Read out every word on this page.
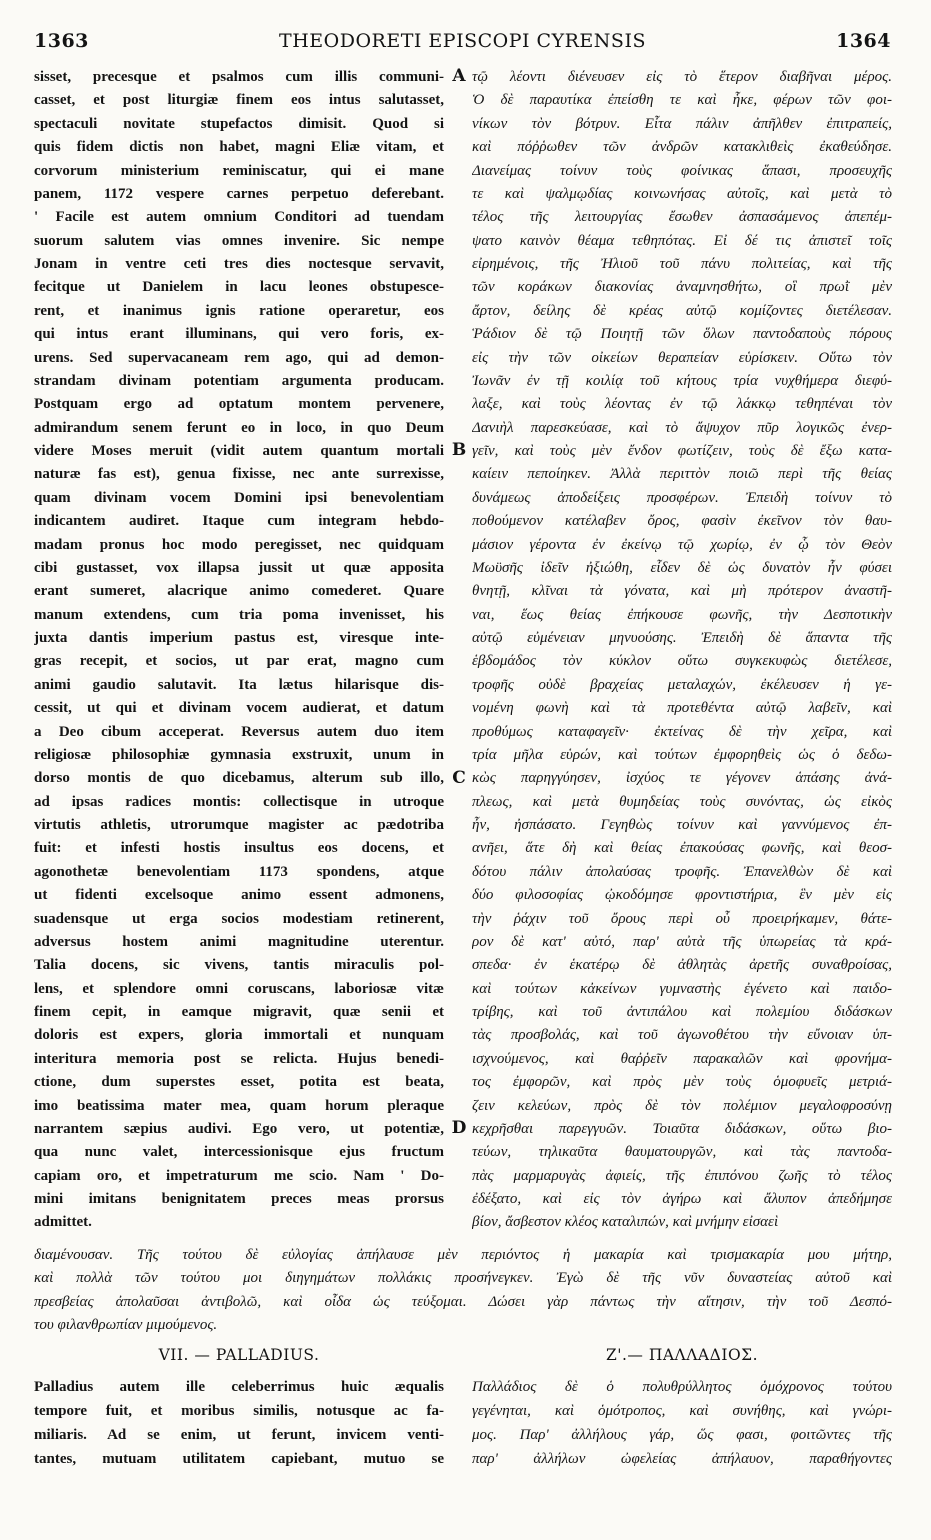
1363	THEODORETI EPISCOPI CYRENSIS	1364
sisset, precesque et psalmos cum illis communi-
casset, et post liturgiæ finem eos intus salutasset,
spectaculi novitate stupefactos dimisit. Quod si
quis fidem dictis non habet, magni Eliæ vitam, et
corvorum ministerium reminiscatur, qui ei mane
panem, 1172 vespere carnes perpetuo deferebant.
' Facile est autem omnium Conditori ad tuendam
suorum salutem vias omnes invenire. Sic nempe
Jonam in ventre ceti tres dies noctesque servavit,
fecitque ut Danielem in lacu leones obstupesce-
rent, et inanimus ignis ratione operaretur, eos
qui intus erant illuminans, qui vero foris, ex-
urens. Sed supervacaneam rem ago, qui ad demon-
strandam divinam potentiam argumenta producam.
Postquam ergo ad optatum montem pervenere,
admirandum senem ferunt eo in loco, in quo Deum
videre Moses meruit (vidit autem quantum mortali
naturæ fas est), genua fixisse, nec ante surrexisse,
quam divinam vocem Domini ipsi benevolentiam
indicantem audiret. Itaque cum integram hebdo-
madam pronus hoc modo peregisset, nec quidquam
cibi gustasset, vox illapsa jussit ut quæ apposita
erant sumeret, alacrique animo comederet. Quare
manum extendens, cum tria poma invenisset, his
juxta dantis imperium pastus est, viresque inte-
gras recepit, et socios, ut par erat, magno cum
animi gaudio salutavit. Ita lætus hilarisque dis-
cessit, ut qui et divinam vocem audierat, et datum
a Deo cibum acceperat. Reversus autem duo item
religiosæ philosophiæ gymnasia exstruxit, unum in
dorso montis de quo dicebamus, alterum sub illo,
ad ipsas radices montis: collectisque in utroque
virtutis athletis, utrorumque magister ac pædotriba
fuit: et infesti hostis insultus eos docens, et
agonothetæ benevolentiam 1173 spondens, atque
ut fidenti excelsoque animo essent admonens,
suadensque ut erga socios modestiam retinerent,
adversus hostem animi magnitudine uterentur.
Talia docens, sic vivens, tantis miraculis pol-
lens, et splendore omni coruscans, laboriosæ vitæ
finem cepit, in eamque migravit, quæ senii et
doloris est expers, gloria immortali et nunquam
interitura memoria post se relicta. Hujus benedi-
ctione, dum superstes esset, potita est beata,
imo beatissima mater mea, quam horum pleraque
narrantem sæpius audivi. Ego vero, ut potentiæ,
qua nunc valet, intercessionisque ejus fructum
capiam oro, et impetraturum me scio. Nam ' Do-
mini imitans benignitatem preces meas prorsus
admittet.
τῷ λέοντι διένευσεν εἰς τὸ ἕτερον διαβῆναι μέρος.
Ὁ δὲ παραυτίκα ἐπείσθη τε καὶ ἧκε, φέρων τῶν φοι-
νίκων τὸν βότρυν. Εἶτα πάλιν ἀπῆλθεν ἐπιτραπείς,
καὶ πόῤῥωθεν τῶν ἀνδρῶν κατακλιθεὶς ἐκαθεύδησε.
Διανείμας τοίνυν τοὺς φοίνικας ἅπασι, προσευχῆς
τε καὶ ψαλμῳδίας κοινωνήσας αὐτοῖς, καὶ μετὰ τὸ
τέλος τῆς λειτουργίας ἔσωθεν ἀσπασάμενος ἀπεπέμ-
ψατο καινὸν θέαμα τεθηπότας. Εἰ δέ τις ἀπιστεῖ τοῖς
εἰρημένοις, τῆς Ἠλιοῦ τοῦ πάνυ πολιτείας, καὶ τῆς
τῶν κοράκων διακονίας ἀναμνησθήτω, οἳ πρωῒ μὲν
ἄρτον, δείλης δὲ κρέας αὐτῷ κομίζοντες διετέλεσαν.
Ῥάδιον δὲ τῷ Ποιητῇ τῶν ὅλων παντοδαποὺς πόρους
εἰς τὴν τῶν οἰκείων θεραπείαν εὑρίσκειν. Οὕτω τὸν
Ἰωνᾶν ἐν τῇ κοιλίᾳ τοῦ κήτους τρία νυχθήμερα διεφύ-
λαξε, καὶ τοὺς λέοντας ἐν τῷ λάκκῳ τεθηπέναι τὸν
Δανιὴλ παρεσκεύασε, καὶ τὸ ἄψυχον πῦρ λογικῶς ἐνερ-
γεῖν, καὶ τοὺς μὲν ἔνδον φωτίζειν, τοὺς δὲ ἔξω κατα-
καίειν πεποίηκεν. Ἀλλὰ περιττὸν ποιῶ περὶ τῆς θείας
δυνάμεως ἀποδείξεις προσφέρων. Ἐπειδὴ τοίνυν τὸ
ποθούμενον κατέλαβεν ὄρος, φασὶν ἐκεῖνον τὸν θαυ-
μάσιον γέροντα ἐν ἐκείνῳ τῷ χωρίῳ, ἐν ᾧ τὸν Θεὸν
Μωϋσῆς ἰδεῖν ἠξιώθη, εἶδεν δὲ ὡς δυνατὸν ἦν φύσει
θνητῇ, κλῖναι τὰ γόνατα, καὶ μὴ πρότερον ἀναστῆ-
ναι, ἕως θείας ἐπήκουσε φωνῆς, τὴν Δεσποτικὴν
αὐτῷ εὐμένειαν μηνυούσης. Ἐπειδὴ δὲ ἅπαντα τῆς
ἑβδομάδος τὸν κύκλον οὕτω συγκεκυφὼς διετέλεσε,
τροφῆς οὐδὲ βραχείας μεταλαχών, ἐκέλευσεν ἡ γε-
νομένη φωνὴ καὶ τὰ προτεθέντα αὐτῷ λαβεῖν, καὶ
προθύμως καταφαγεῖν· ἐκτείνας δὲ τὴν χεῖρα, καὶ
τρία μῆλα εὑρών, καὶ τούτων ἐμφορηθεὶς ὡς ὁ δεδω-
κὼς παρηγγύησεν, ἰσχύος τε γέγονεν ἁπάσης ἀνά-
πλεως, καὶ μετὰ θυμηδείας τοὺς συνόντας, ὡς εἰκὸς
ἦν, ἠσπάσατο. Γεγηθὼς τοίνυν καὶ γαννύμενος ἐπ-
ανῆει, ἅτε δὴ καὶ θείας ἐπακούσας φωνῆς, καὶ θεοσ-
δότου πάλιν ἀπολαύσας τροφῆς. Ἐπανελθὼν δὲ καὶ
δύο φιλοσοφίας ᾠκοδόμησε φροντιστήρια, ἓν μὲν εἰς
τὴν ῥάχιν τοῦ ὄρους περὶ οὗ προειρήκαμεν, θάτε-
ρον δὲ κατ' αὐτό, παρ' αὐτὰ τῆς ὑπωρείας τὰ κρά-
σπεδα· ἐν ἑκατέρῳ δὲ ἀθλητὰς ἀρετῆς συναθροίσας,
καὶ τούτων κἀκείνων γυμναστὴς ἐγένετο καὶ παιδο-
τρίβης, καὶ τοῦ ἀντιπάλου καὶ πολεμίου διδάσκων
τὰς προσβολάς, καὶ τοῦ ἀγωνοθέτου τὴν εὔνοιαν ὑπ-
ισχνούμενος, καὶ θαῤῥεῖν παρακαλῶν καὶ φρονήμα-
τος ἐμφορῶν, καὶ πρὸς μὲν τοὺς ὁμοφυεῖς μετριά-
ζειν κελεύων, πρὸς δὲ τὸν πολέμιον μεγαλοφροσύνῃ
κεχρῆσθαι παρεγγυῶν. Τοιαῦτα διδάσκων, οὕτω βιο-
τεύων, τηλικαῦτα θαυματουργῶν, καὶ τὰς παντοδα-
πὰς μαρμαρυγὰς ἀφιείς, τῆς ἐπιπόνου ζωῆς τὸ τέλος
ἐδέξατο, καὶ εἰς τὸν ἀγήρω καὶ ἄλυπον ἀπεδήμησε
βίον, ἄσβεστον κλέος καταλιπών, καὶ μνήμην εἰσαεὶ
A
B
C
D
διαμένουσαν. Τῆς τούτου δὲ εὐλογίας ἀπήλαυσε μὲν περιόντος ἡ μακαρία καὶ τρισμακαρία μου μήτηρ,
καὶ πολλὰ τῶν τούτου μοι διηγημάτων πολλάκις προσήνεγκεν. Ἐγὼ δὲ τῆς νῦν δυναστείας αὐτοῦ καὶ
πρεσβείας ἀπολαῦσαι ἀντιβολῶ, καὶ οἶδα ὡς τεύξομαι. Δώσει γὰρ πάντως τὴν αἴτησιν, τὴν τοῦ Δεσπό-
του φιλανθρωπίαν μιμούμενος.
VII. — PALLADIUS.	Ζ'.— ΠΑΛΛΑΔΙΟΣ.
Palladius autem ille celeberrimus huic æqualis
tempore fuit, et moribus similis, notusque ac fa-
miliaris. Ad se enim, ut ferunt, invicem venti-
tantes, mutuam utilitatem capiebant, mutuo se
Παλλάδιος δὲ ὁ πολυθρύλλητος ὁμόχρονος τούτου
γεγένηται, καὶ ὁμότροπος, καὶ συνήθης, καὶ γνώρι-
μος. Παρ' ἀλλήλους γάρ, ὥς φασι, φοιτῶντες τῆς
παρ' ἀλλήλων ὠφελείας ἀπήλαυον, παραθήγοντες
